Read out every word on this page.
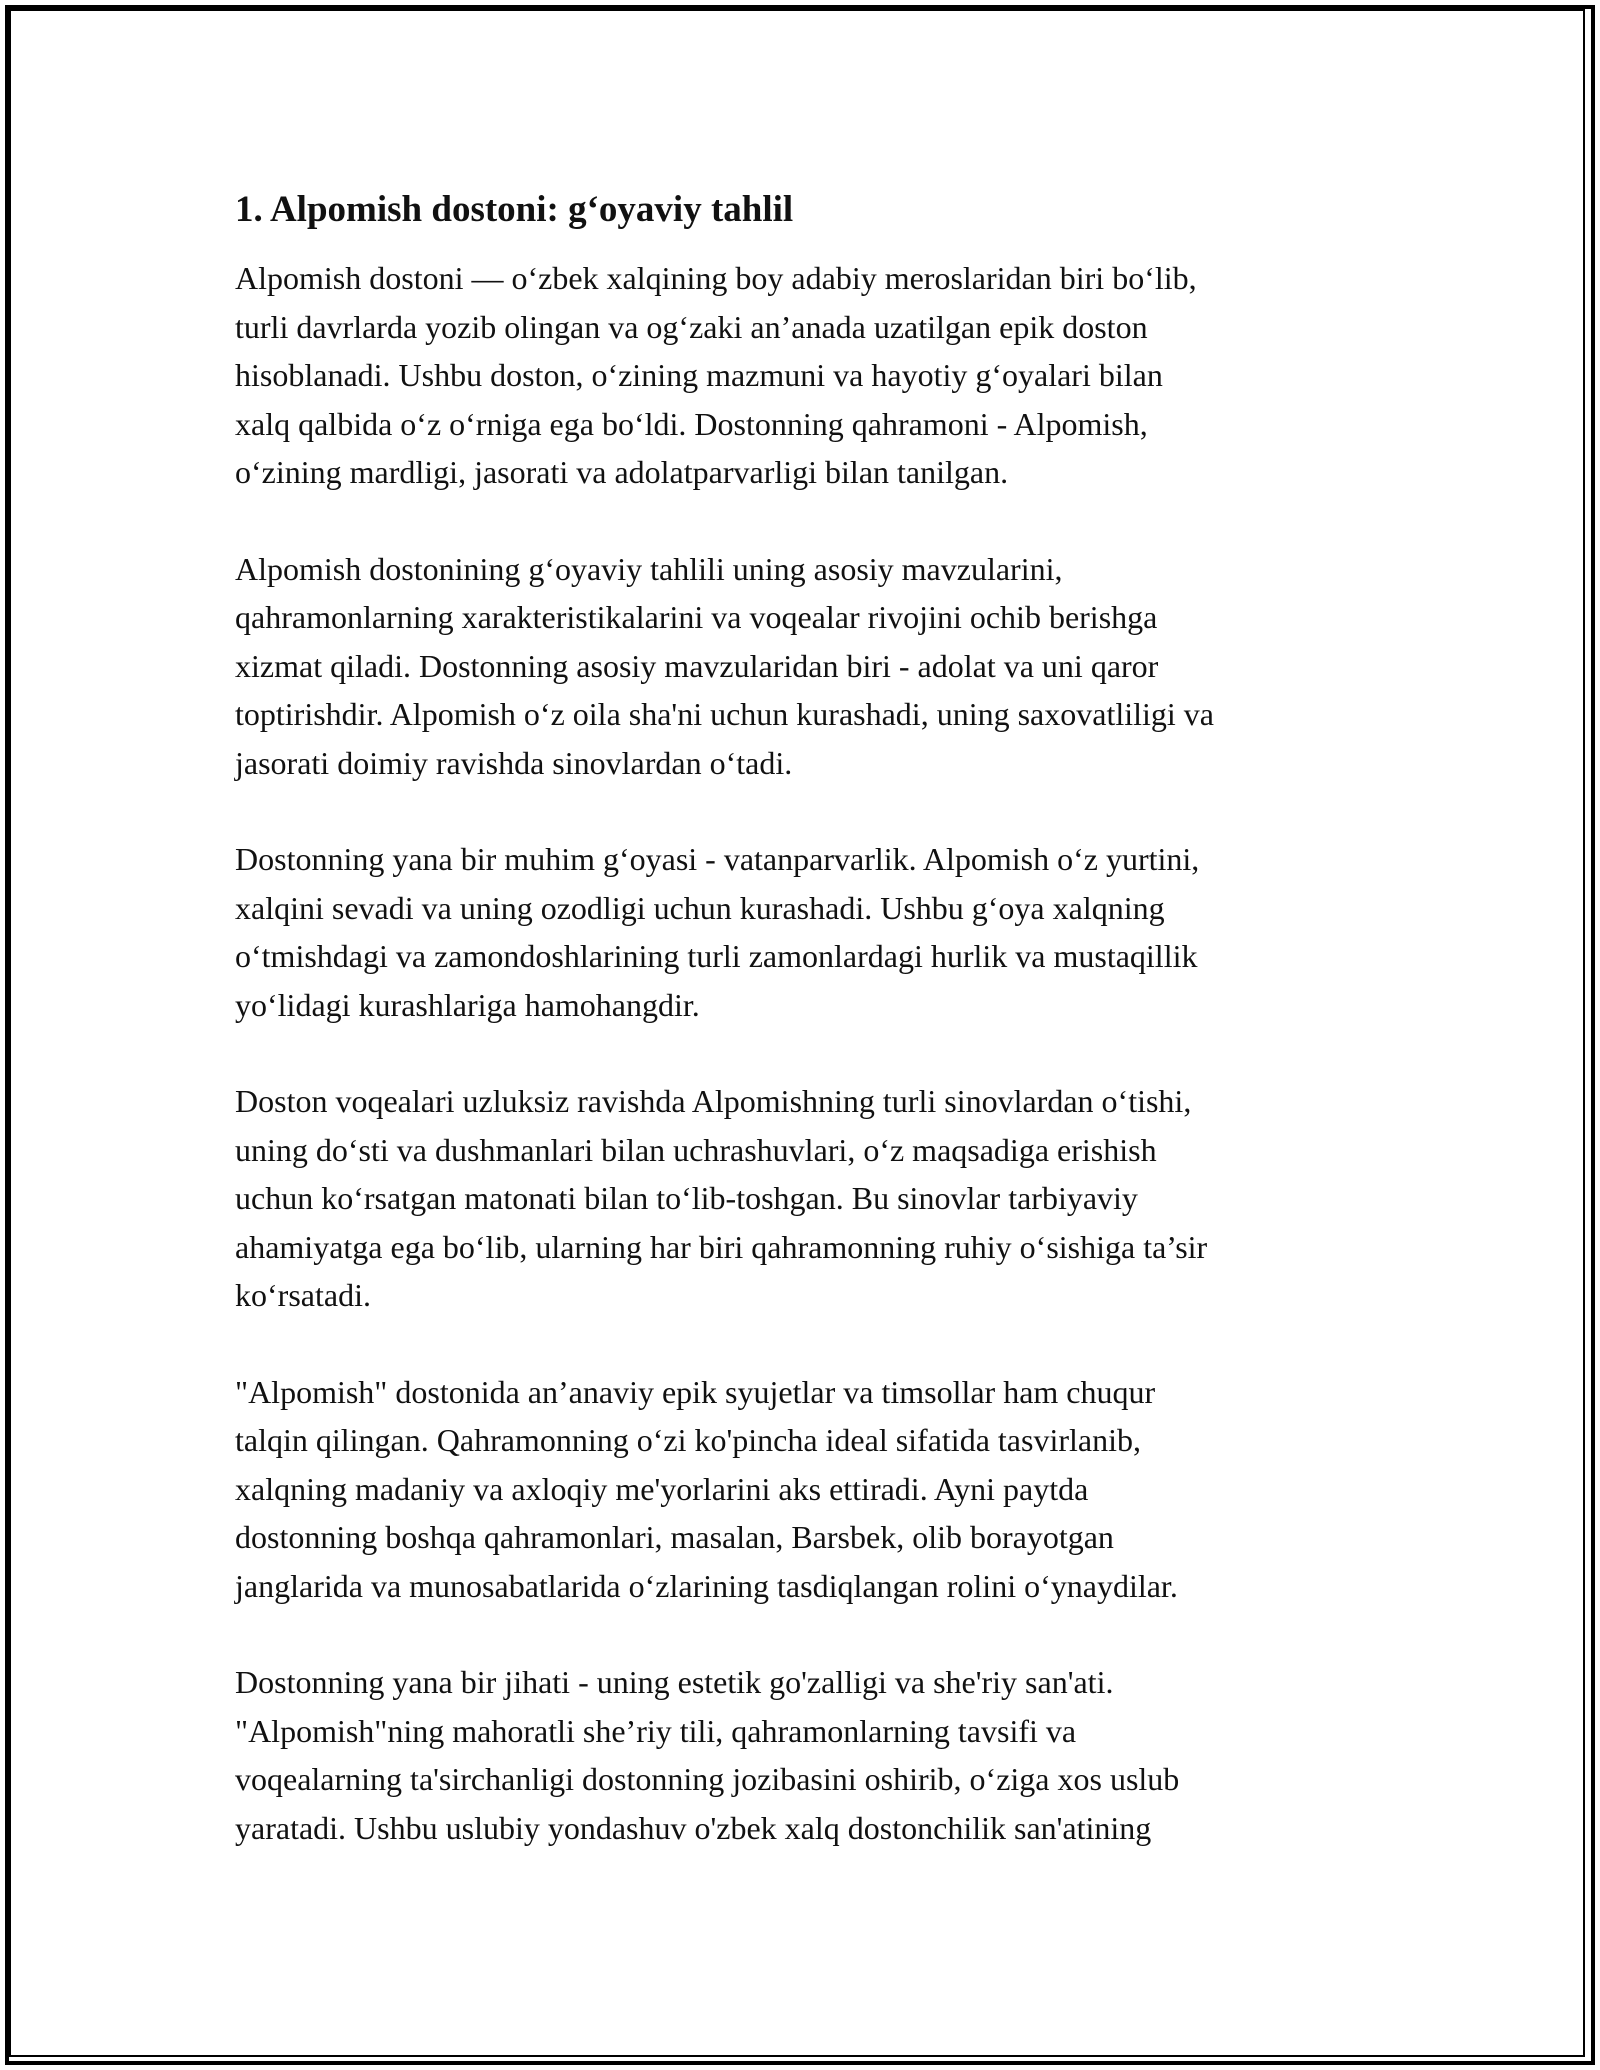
1. Alpomish dostoni: g‘oyaviy tahlil
Alpomish dostoni — o‘zbek xalqining boy adabiy meroslaridan biri bo‘lib,
turli davrlarda yozib olingan va og‘zaki an’anada uzatilgan epik doston
hisoblanadi. Ushbu doston, o‘zining mazmuni va hayotiy g‘oyalari bilan
xalq qalbida o‘z o‘rniga ega bo‘ldi. Dostonning qahramoni - Alpomish,
o‘zining mardligi, jasorati va adolatparvarligi bilan tanilgan.
Alpomish dostonining g‘oyaviy tahlili uning asosiy mavzularini,
qahramonlarning xarakteristikalarini va voqealar rivojini ochib berishga
xizmat qiladi. Dostonning asosiy mavzularidan biri - adolat va uni qaror
toptirishdir. Alpomish o‘z oila sha'ni uchun kurashadi, uning saxovatliligi va
jasorati doimiy ravishda sinovlardan o‘tadi.
Dostonning yana bir muhim g‘oyasi - vatanparvarlik. Alpomish o‘z yurtini,
xalqini sevadi va uning ozodligi uchun kurashadi. Ushbu g‘oya xalqning
o‘tmishdagi va zamondoshlarining turli zamonlardagi hurlik va mustaqillik
yo‘lidagi kurashlariga hamohangdir.
Doston voqealari uzluksiz ravishda Alpomishning turli sinovlardan o‘tishi,
uning do‘sti va dushmanlari bilan uchrashuvlari, o‘z maqsadiga erishish
uchun ko‘rsatgan matonati bilan to‘lib-toshgan. Bu sinovlar tarbiyaviy
ahamiyatga ega bo‘lib, ularning har biri qahramonning ruhiy o‘sishiga ta’sir
ko‘rsatadi.
"Alpomish" dostonida an’anaviy epik syujetlar va timsollar ham chuqur
talqin qilingan. Qahramonning o‘zi ko'pincha ideal sifatida tasvirlanib,
xalqning madaniy va axloqiy me'yorlarini aks ettiradi. Ayni paytda
dostonning boshqa qahramonlari, masalan, Barsbek, olib borayotgan
janglarida va munosabatlarida o‘zlarining tasdiqlangan rolini o‘ynaydilar.
Dostonning yana bir jihati - uning estetik go'zalligi va she'riy san'ati.
"Alpomish"ning mahoratli she’riy tili, qahramonlarning tavsifi va
voqealarning ta'sirchanligi dostonning jozibasini oshirib, o‘ziga xos uslub
yaratadi. Ushbu uslubiy yondashuv o'zbek xalq dostonchilik san'atining
